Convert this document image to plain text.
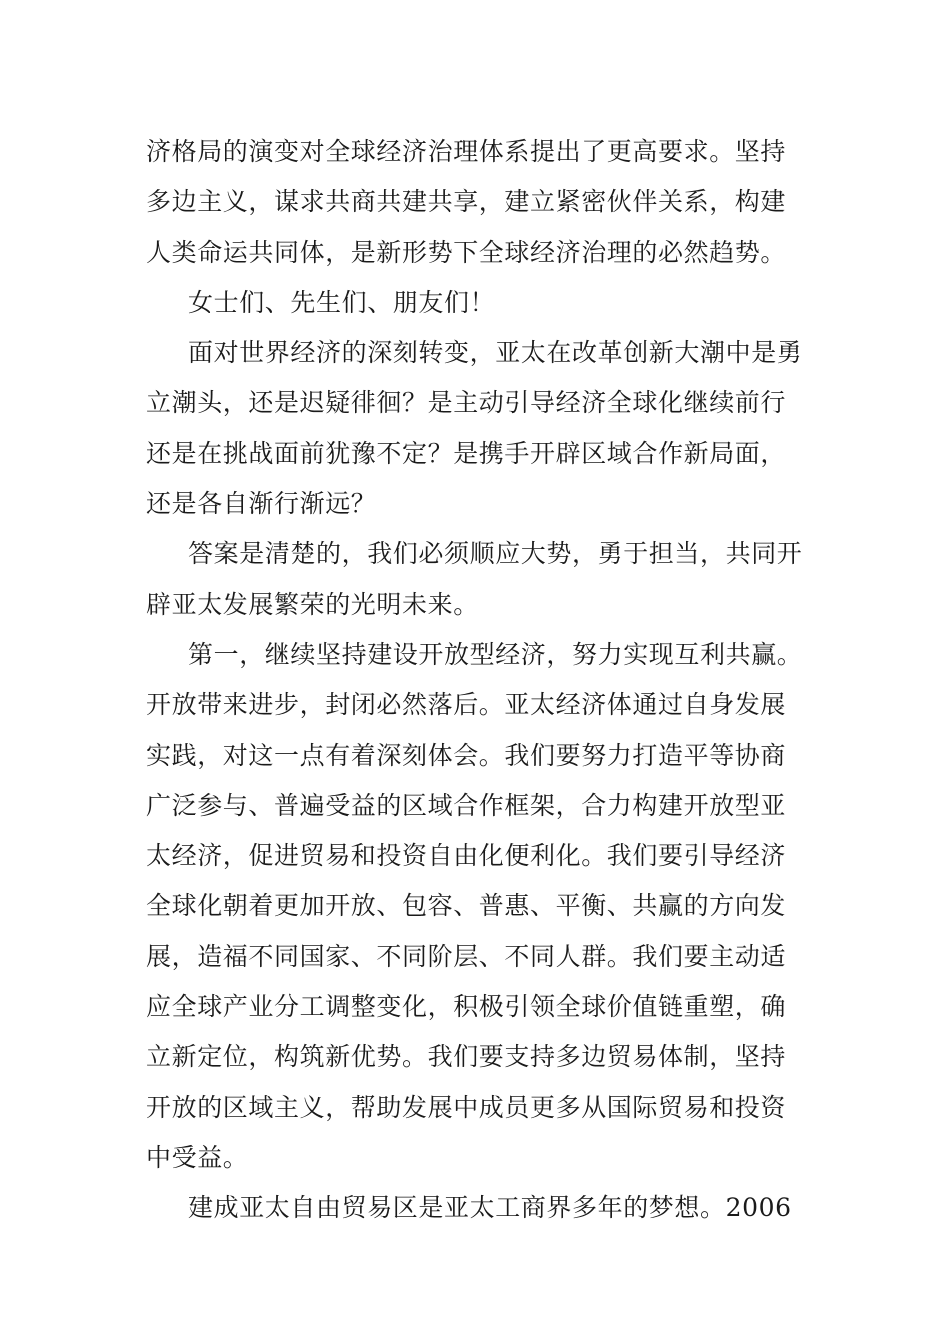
济格局的演变对全球经济治理体系提出了更高要求。坚持
多边主义，谋求共商共建共享，建立紧密伙伴关系，构建
人类命运共同体，是新形势下全球经济治理的必然趋势。
女士们、先生们、朋友们！
面对世界经济的深刻转变，亚太在改革创新大潮中是勇
立潮头，还是迟疑徘徊？是主动引导经济全球化继续前行
还是在挑战面前犹豫不定？是携手开辟区域合作新局面，
还是各自渐行渐远？
答案是清楚的，我们必须顺应大势，勇于担当，共同开
辟亚太发展繁荣的光明未来。
第一，继续坚持建设开放型经济，努力实现互利共赢。
开放带来进步，封闭必然落后。亚太经济体通过自身发展
实践，对这一点有着深刻体会。我们要努力打造平等协商
广泛参与、普遍受益的区域合作框架，合力构建开放型亚
太经济，促进贸易和投资自由化便利化。我们要引导经济
全球化朝着更加开放、包容、普惠、平衡、共赢的方向发
展，造福不同国家、不同阶层、不同人群。我们要主动适
应全球产业分工调整变化，积极引领全球价值链重塑，确
立新定位，构筑新优势。我们要支持多边贸易体制，坚持
开放的区域主义，帮助发展中成员更多从国际贸易和投资
中受益。
建成亚太自由贸易区是亚太工商界多年的梦想。2006
